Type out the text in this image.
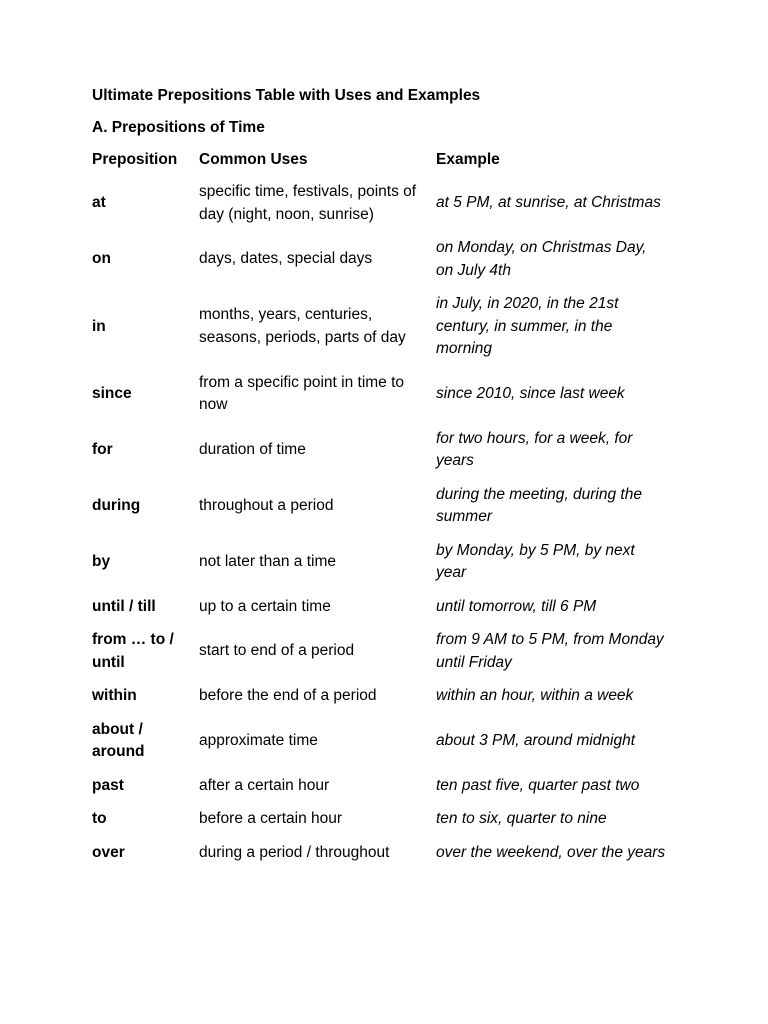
Ultimate Prepositions Table with Uses and Examples
A. Prepositions of Time
Preposition	Common Uses	Example
at	specific time, festivals, points of day (night, noon, sunrise)	at 5 PM, at sunrise, at Christmas
on	days, dates, special days	on Monday, on Christmas Day, on July 4th
in	months, years, centuries, seasons, periods, parts of day	in July, in 2020, in the 21st century, in summer, in the morning
since	from a specific point in time to now	since 2010, since last week
for	duration of time	for two hours, for a week, for years
during	throughout a period	during the meeting, during the summer
by	not later than a time	by Monday, by 5 PM, by next year
until / till	up to a certain time	until tomorrow, till 6 PM
from … to / until	start to end of a period	from 9 AM to 5 PM, from Monday until Friday
within	before the end of a period	within an hour, within a week
about / around	approximate time	about 3 PM, around midnight
past	after a certain hour	ten past five, quarter past two
to	before a certain hour	ten to six, quarter to nine
over	during a period / throughout	over the weekend, over the years
